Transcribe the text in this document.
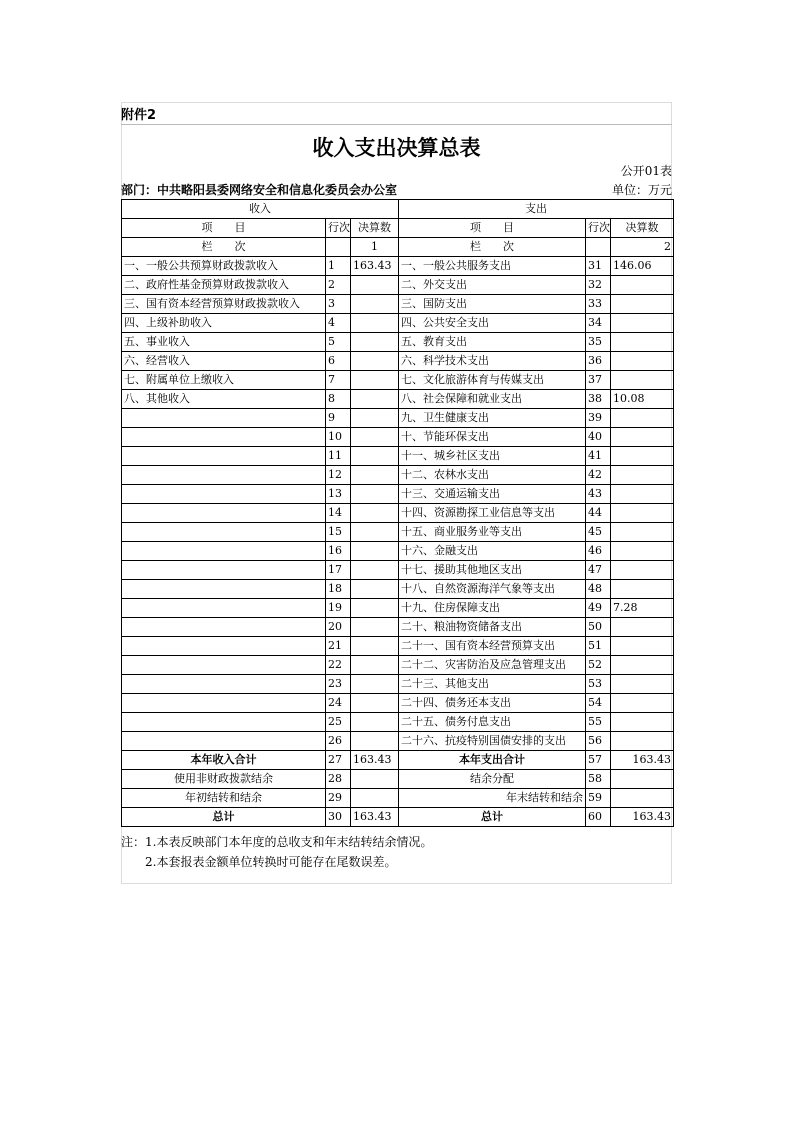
附件2
收入支出决算总表
公开01表
部门：中共略阳县委网络安全和信息化委员会办公室	单位：万元
收入			支出		
项　　目	行次	决算数	项　　目	行次	决算数
栏　　次		1	栏　　次		2
一、一般公共预算财政拨款收入	1	163.43	一、一般公共服务支出	31	146.06
二、政府性基金预算财政拨款收入	2		二、外交支出	32	
三、国有资本经营预算财政拨款收入	3		三、国防支出	33	
四、上级补助收入	4		四、公共安全支出	34	
五、事业收入	5		五、教育支出	35	
六、经营收入	6		六、科学技术支出	36	
七、附属单位上缴收入	7		七、文化旅游体育与传媒支出	37	
八、其他收入	8		八、社会保障和就业支出	38	10.08
	9		九、卫生健康支出	39	
	10		十、节能环保支出	40	
	11		十一、城乡社区支出	41	
	12		十二、农林水支出	42	
	13		十三、交通运输支出	43	
	14		十四、资源勘探工业信息等支出	44	
	15		十五、商业服务业等支出	45	
	16		十六、金融支出	46	
	17		十七、援助其他地区支出	47	
	18		十八、自然资源海洋气象等支出	48	
	19		十九、住房保障支出	49	7.28
	20		二十、粮油物资储备支出	50	
	21		二十一、国有资本经营预算支出	51	
	22		二十二、灾害防治及应急管理支出	52	
	23		二十三、其他支出	53	
	24		二十四、债务还本支出	54	
	25		二十五、债务付息支出	55	
	26		二十六、抗疫特别国债安排的支出	56	
本年收入合计	27	163.43	本年支出合计	57	163.43
使用非财政拨款结余	28		结余分配	58	
年初结转和结余	29		年末结转和结余	59	
总计	30	163.43	总计	60	163.43
注：1.本表反映部门本年度的总收支和年末结转结余情况。
2.本套报表金额单位转换时可能存在尾数误差。
